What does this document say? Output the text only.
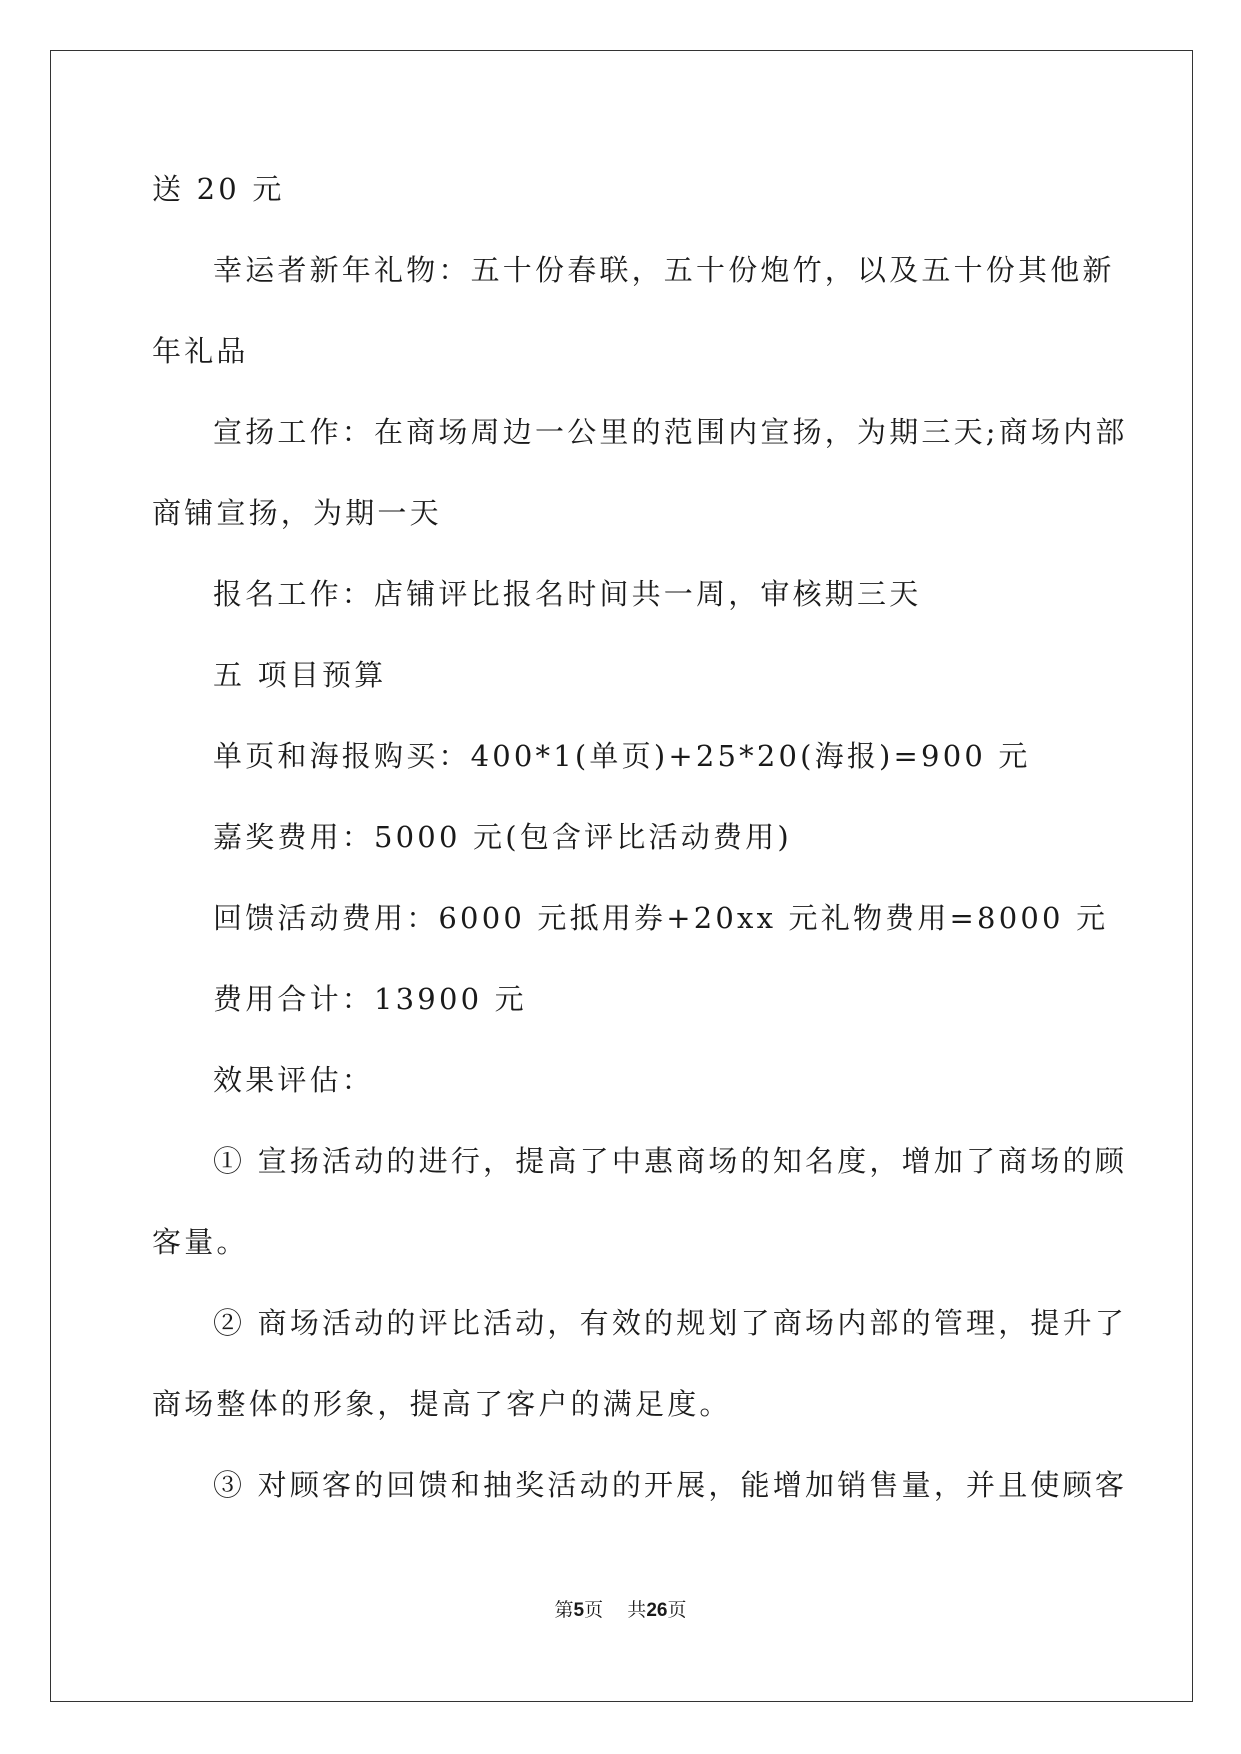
送 20 元

幸运者新年礼物：五十份春联，五十份炮竹，以及五十份其他新

年礼品

宣扬工作：在商场周边一公里的范围内宣扬，为期三天;商场内部

商铺宣扬，为期一天

报名工作：店铺评比报名时间共一周，审核期三天

五 项目预算

单页和海报购买：400*1(单页)+25*20(海报)=900 元

嘉奖费用：5000 元(包含评比活动费用)

回馈活动费用：6000 元抵用券+20xx 元礼物费用=8000 元

费用合计：13900 元

效果评估：

① 宣扬活动的进行，提高了中惠商场的知名度，增加了商场的顾

客量。

② 商场活动的评比活动，有效的规划了商场内部的管理，提升了

商场整体的形象，提高了客户的满足度。

③ 对顾客的回馈和抽奖活动的开展，能增加销售量，并且使顾客

第5页 共26页
